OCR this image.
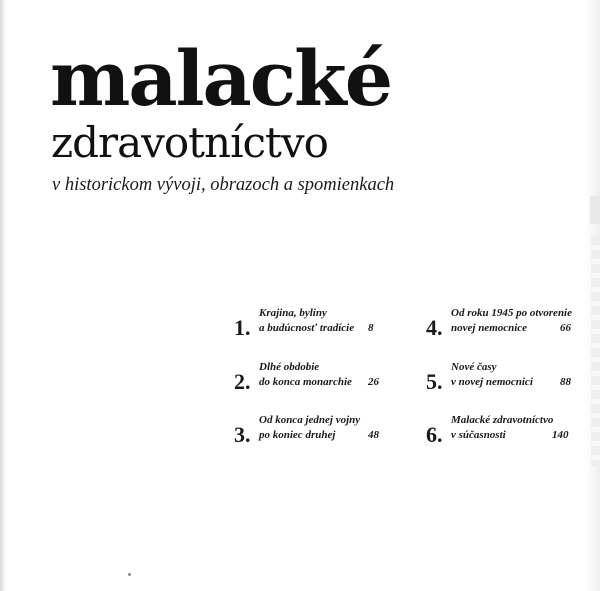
malacké
zdravotníctvo

v historickom vývoji, obrazoch a spomienkach

1.
Krajina, byliny
a budúcnosť tradície 8
2.
Dlhé obdobie
do konca monarchie 26
3.
Od konca jednej vojny
po koniec druhej	48
4.
Od roku 1945 po otvorenie
novej nemocnice	66
5.
Nové časy
v novej nemocnici 88
6.
Malacké zdravotníctvo
v súčasnosti	140
